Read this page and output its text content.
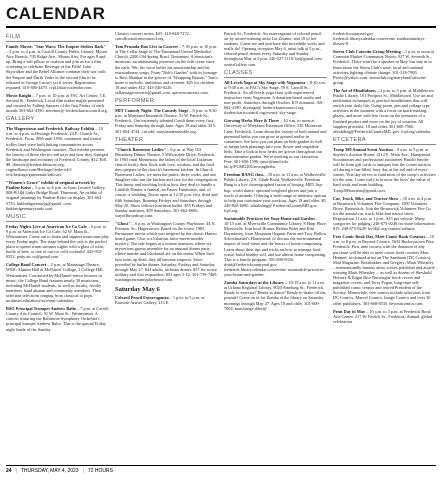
CALENDAR
FILM

Family Movie: "Star Wars: The Empire Strikes Back" – 2 p.m. to 4 p.m. at Carroll County Public Library, Mount Airy Branch, 705 Ridge Ave., Mount Airy. For ages 8 and up. Bring a soft pillow or cushion and join us for a film screening to celebrate Revenge of the Fifth! Luke Skywalker and the Rebel Alliance continue their war with the Empire and Darth Vader in the second film to be released in George Lucas's sci fi series. Registration required. 410-386-4470. ccpl.librarycalendar.com.

Movie Knight – 7 p.m. to 10 p.m. at FAC Art Center, 5 E. Second St., Frederick. Local film maker nights presented and curated by Falling Squares of the first Friday of each month. 301-662-4190. artcenter@ frederickartscouncil.org.

GALLERY

The Hagerstown and Frederick Railway Exhibit – 10 a.m. to 4 p.m. at Heritage Frederick, 24 E. Church St., Frederick. From 1896 until 1956, commuter and tourist trolley lines were built linking communities across Frederick and Washington counties. This exhibit presents the history of these electric railways and how they changed the landscape and economy of Frederick County. $12, $10, $8. director@frederickhistory.org. cogmollomo.com/Heritage/frederick1/ refs/heritage/gitmiemitt/tab/cars.

"Women's Grace" exhibit of original artwork by Pauline Keise – 5 p.m. to 6 p.m. at Lynn Levaire Gallery, 808-B Old Links Bridge Road, Thurmont. An exhibit of original paintings by Pauline Keise on display. 301-662-5733. linkbridgerenaryg@gmail. com. linkbridgerenaryyards.com

MUSIC

Friday Nights Live at American Ice Co Cafe – 6 p.m. to 9 p.m. at American Ice Co Cafe, 62 W. Main St., Westminster. Come out to listen and support musicians play every Friday night. The stage behind the cafe is the perfect place to spend warm summer nights with a glass of wine, bottle of beer, or one of our ice cold cocktails! 443-952-0552. patty.aic.co@gmail.com

College Band Concert – 2 p.m. at Mainstage Theatre, WMC Alumni Hall at McDaniel College, 2 College Hill, Westminster. Conducted by McDaniel senior lecturer in music, the College Band features nearly 30 musicians, including McDaniel students, as well as faculty, faculty members, band alumni and community members. Their selection selections ranging from classical to pops. mcdaniel.edu/about-us/event-calendars.

BSO Principal Trumpet Andrew Balio – 7 p.m. at Carroll County Arts Council, 91 W. Main St., Westminster. A concert featuring the Baltimore Symphony Orchestra's principal trumpet Andrew Balio. This is the special Friday night finale of the Sunday

Classics concert series. $25. 410-848-7272. carrollcountyartscouncil.org.

Tom Prasada-Rao Live in Concert – 7:30 p.m. to 10 p.m. at The Cellar Stage of The Emmanuel United Methodist Church, 2300 Old Spring Road, Timonium. A musician's musician, an unassuming presence on the folk scene since the early '90s, his voice belies his musicianship and his extraordinary songs. From "Rob's Garden" with its homage to Ravi Shankar to the groove of "Wrapping Beauty," Tom's muse is melodic, ambitious and reverent. $25 for children 18 and under $12. 443-540-0226. cellarstageconcerts@gmail.com. uptownconcerts.com.

PERFORMER

MIT Comedy Night: The Comedy Stage – 8 p.m. to 9:30 p.m. at Maryland Ensemble Theatre, 31 W. Patrick St., Frederick. Our extremely talented Condi them every first Friday and Saturday through June. Ages 18 and older. $15. 301-694-4744. i.ul.edd. marylandensemble.org.

THEATER

"Church Basement Ladies" – 6 p.m. at Way Off Broadway Dinner Theatre, 5 Willowdale Drive, Frederick. In 1965 rural Minnesota, the ladies of the local Lutheran church fortify their flock with love, wisdom, and the food they prepare in the church's basement kitchen. In Church Basement Ladies, we meet the pastor, three cooks, and one daughter who run the kitchen and care for the congregation. This funny and touching look at how they deal to handle a Lutefisk Dinner, a funeral, an Easter Fundraiser, and, of course, a wedding. Doors open at 12:30 p.m. first, third and fifth Saturdays. Running Fridays and Saturdays through May 20. Show follows luncheon buffet. $55 Fridays and Sunday matinees, $59 Saturdays. 301-662-6600. wayoffbroadway.com.

"Ghost" – 6 p.m. at Washington County Playhouse, 44 N. Potomac St., Hagerstown. Based on the iconic 1985 Paramount movie which was inspired by the classic Hartzo board game, Clue is a hilarious farce-meets-murder mystery. The tale begins at a remote mansion, where six mysterious guests assemble for an unusual dinner party where murder and blackmail are on the menu. When their host turns up dead, they all become suspects. Show preceded by buffet dinner. Saturday, Fridays and Saturday through May 27. $43 adults, includes dinner. $57 for active military and first responders; $53 ages 5-12. 301-739-7469. washingtoncountyplayhouse.com.

Saturday May 6

Colored Pencil Extravaganza – 1 p.m. to 5 p.m. at Eastside Artists' Gallery, 213 E.

Patrick St., Frederick. An extravaganza of colored pencil art by award-winning artist Lia Zeamer, and 10 of her students. Come see and purchase this incredible work, and really do! Opening reception May 6, artist talk at 5 p.m., colored pencil demos every Saturday and Sunday throughout May at 2 p.m. 240-527-1118. lia@gmail.com. ozartsGallery.com.

CLASSES

All-Levels Yoga at Sky Stage with Yogamour – 8:30 a.m. to 9:30 a.m. at FAC's Sky Stage, 59 S. Carroll St., Frederick. An all-levels yoga class with experienced instructors from Yogamour. A donation-based studio and non-profit. Saturdays through October. $15 donation. 301-662-4190. skystage@ frederickartscouncil.org. frederickartscouncil.org/events/ sky-stage.

Growing Herbs Here & There – 10 a.m. to noon at University of Maryland Extension Office, 330 Montevue Lane, Frederick. Learn about the variety of both annual and perennial herbs you can grow in ground and/or in containers. See how you can plant an herb garden as well as merge herb plantings into your flower and vegetable beds. Take a look at how herbs are grown throughout our demonstration garden. We're meeting in our classroom. Free. 301-600-1596. emcr@umd.edu. bit.ly/FCMG20Growingherbs.

Freedom BANG class – 10 a.m. to 11 a.m. at Walkersville Public Library, 2 S. Glade Road, Walkersville. Freedom Bang is a live choreographed fusion of boxing, HIIT, hip-hop, world dance, optional weighted gloves and just a touch of attitude. Offering a wide range of intensity options to help you customize your workout. Ages 18 and older. $5. 240-820-6000. afitaliding@ FrederickCountyMD.gov. fcpl.org.

Sustainable Practices for Your Home and Garden – 10:15 a.m. at Myersville Community Library, 8 Harp Place, Myersville. Join local Homes Helena Bolet and Kim Dorminsey, from Mountain Organic Farm and Troy Hollow Schoolmaster's Homestead, to discuss the environmental impact of food waste and the basics of home composting. Learn about their tips and tricks on how to manage food waste, build healthy soil, and use almost home composting. This is a family program. 301-600-8350. rburt@frederickcountymd.gov. frederick.librarycalendar.com/event/ sustainable-practices-your-home-and-garden.

Zumba Saturdays at the Library – 10:15 a.m. to 11 a.m. at Urbana Regional Library, 9020 Amelung St., Frederick. Ready to exercise? Ready to dance? Ready to shake off the pounds? Come on in for Zumba at the library on Saturday mornings through May 27. Ages 18 and older. 301-600-7004. marchange.ddee@

frederickcountymd.gov. frederick.librarycalendar.com/event/ zumbasaturdays-library-8.

Sierra Club Catoctin Group Meeting – 1 p.m. to noon at Common Market Community Room, 927 W. Seventh St., Frederick. There won't be a speaker in May, but stay in to learn about the Sierra Club's state, local and national activities fighting climate change. 301-318-7995. Pwecc@yahoo.com. sierraclub.org/maryland/catoctin-group.

The Art of Mindfulness – 2 p.m. to 3 p.m. at Middletown Public Library, 101 Prospect St., Middletown. Use art and meditation techniques to practice mindfulness that will enrich your daily life. Using poem, pen and collage type activities in the moment with a focus on mark-making, glazes, and more with less focus on the pressures of a finished product and more on the joy of creation. All supplies provided. 18 and older. 301-600-7560. afitaliding@FrederickCountyMD. gov. fcpl.org/calendar.

ETCETERA

Troop 380 Annual Scout Auction – 9 a.m. to 5 p.m. at Snyder's Auction House, 4112 E. Main Ave., Hampstead. Scoutmaster and professional auctioneer Harold Snyder will be from gift cards to antiques that the scouts auction off during a fun-filled, busy day at the tail end of every winter. This day serves to fund most of the troop's activities for the year. Come early to browse the boys' the value of hard work and team building. Troop380auction@gmail.com.

Car, Truck, Bike, and Tractor Show – 10 a.m. to 4 p.m. at Brunswick Volunteer Fire Company, 1500 Volunteer Drive, Brunswick. Join the Brunswick Volunteer Fire Co. for the annual car, truck, bike and tractor show. Registration 11 a.m. to 1 p.m., $15 per vehicle. Many categories for judging. 240-675-0249 for more information. $15. 240-675-0249. bvfd@.org/contact/website.

Free Comic Book Day, Meet Comic Book Creators – 10 a.m. to 8 p.m. at Beyond Comics, 5632 Buckeystown Pike, Frederick. First time comers with the donation of any purchase will be able to meet comic book creators Marc Hempel, acclaimed artist on The Sandman (DC Comics); Mad Magazine, Breathtaker, and Gregory; Mark Wheatley – internationally famous artist, writer, publisher and award-winning Mark Wheatley ... as well as dozens of Sheshuld Holmes & Edgar Rice Burroughs' book covers and magazine covers, and Terry Fogan, long-time self-published comic creator and retired President of the Society. Meanwhile, free comics include selections from DC Comics, Marvel Comics, Image Comics and over 30 other publishers. 301-668-8530. beyondcomics.com.

Print Day in May – 10 a.m. to 3 p.m. at Frederick Book Arts Center, 217 W. Patrick St., Frederick. Annual, global celebration

24 | THURSDAY, MAY 4, 2023 | 72 HOURS
